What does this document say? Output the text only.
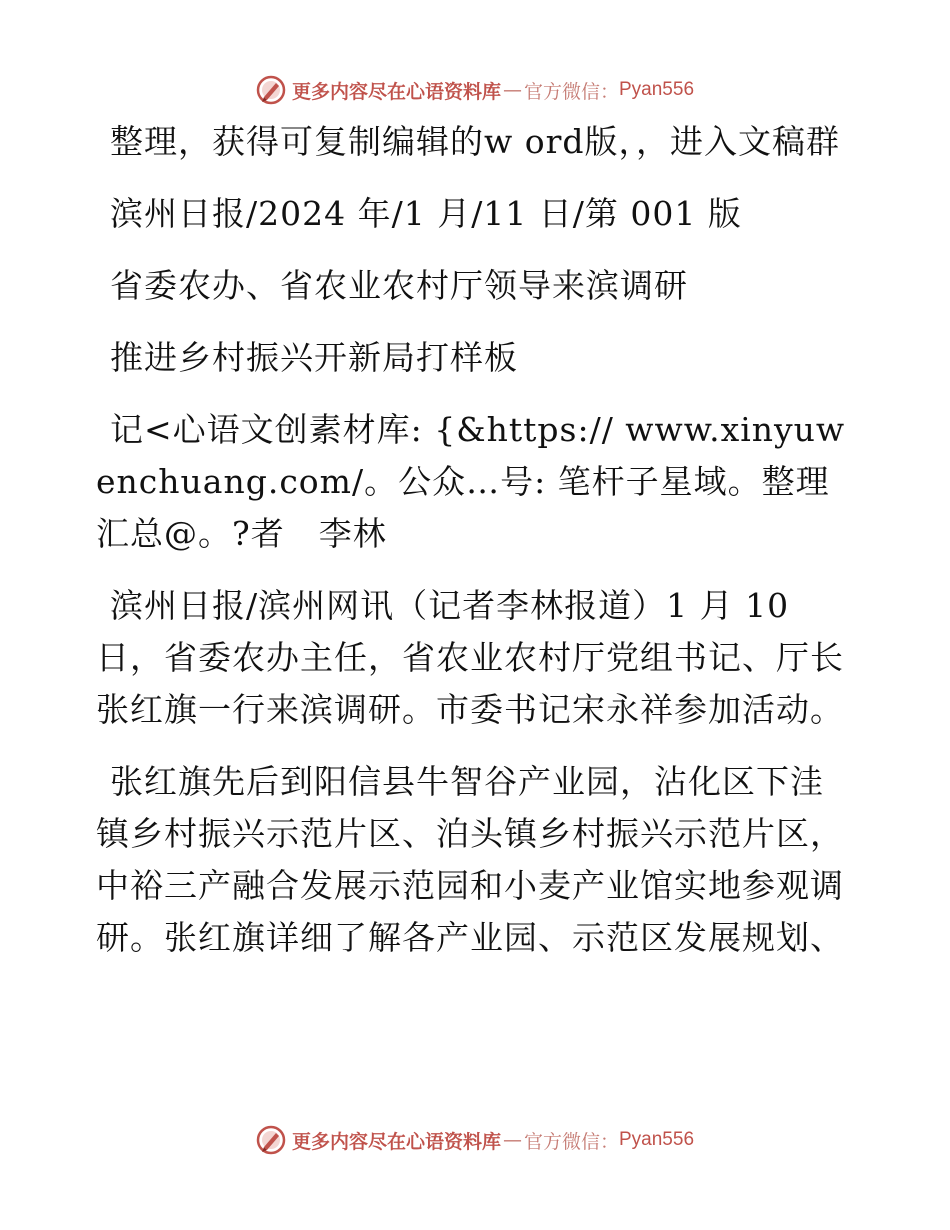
更多内容尽在心语资料库 — 官方微信： Pyan556

整理，获得可复制编辑的w ord版，，进入文稿群

滨州日报/2024 年/1 月/11 日/第 001 版

省委农办、省农业农村厅领导来滨调研

推进乡村振兴开新局打样板

记<心语文创素材库: {&https:// www.xinyuwenchuang.com/。公众…号: 笔杆子星域。整理汇总@。?者　李林

滨州日报/滨州网讯（记者李林报道）1 月 10 日，省委农办主任，省农业农村厅党组书记、厅长张红旗一行来滨调研。市委书记宋永祥参加活动。

张红旗先后到阳信县牛智谷产业园，沾化区下洼镇乡村振兴示范片区、泊头镇乡村振兴示范片区，中裕三产融合发展示范园和小麦产业馆实地参观调研。张红旗详细了解各产业园、示范区发展规划、

更多内容尽在心语资料库 — 官方微信： Pyan556
